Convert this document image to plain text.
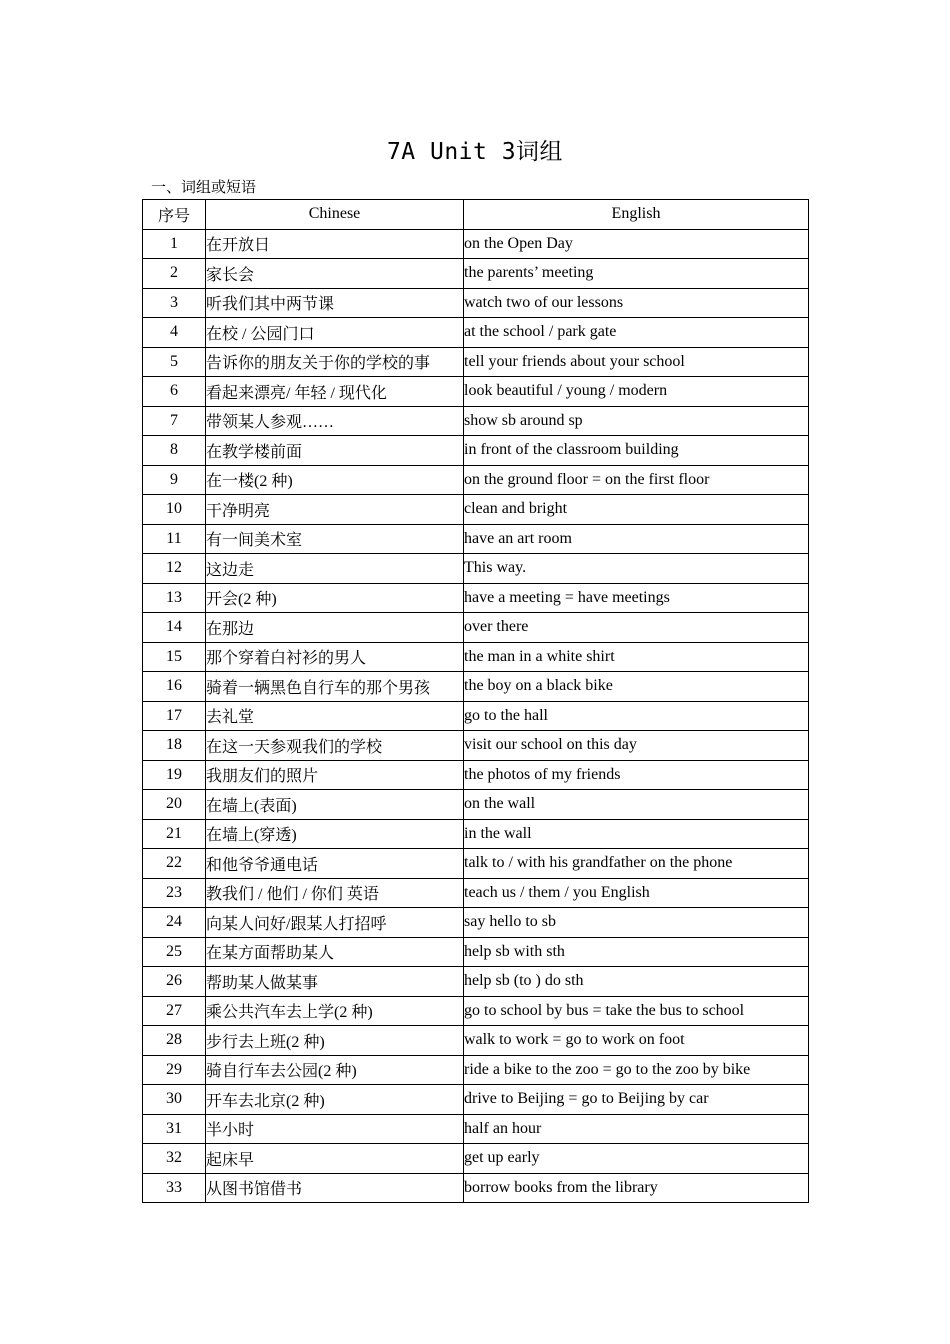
7A Unit 3词组
一、词组或短语
序号	Chinese	English
1	在开放日	on the Open Day
2	家长会	the parents’ meeting
3	听我们其中两节课	watch two of our lessons
4	在校 / 公园门口	at the school / park gate
5	告诉你的朋友关于你的学校的事	tell your friends about your school
6	看起来漂亮/ 年轻 / 现代化	look beautiful / young / modern
7	带领某人参观……	show sb around sp
8	在教学楼前面	in front of the classroom building
9	在一楼(2 种)	on the ground floor = on the first floor
10	干净明亮	clean and bright
11	有一间美术室	have an art room
12	这边走	This way.
13	开会(2 种)	have a meeting = have meetings
14	在那边	over there
15	那个穿着白衬衫的男人	the man in a white shirt
16	骑着一辆黑色自行车的那个男孩	the boy on a black bike
17	去礼堂	go to the hall
18	在这一天参观我们的学校	visit our school on this day
19	我朋友们的照片	the photos of my friends
20	在墙上(表面)	on the wall
21	在墙上(穿透)	in the wall
22	和他爷爷通电话	talk to / with his grandfather on the phone
23	教我们 / 他们 / 你们 英语	teach us / them / you English
24	向某人问好/跟某人打招呼	say hello to sb
25	在某方面帮助某人	help sb with sth
26	帮助某人做某事	help sb (to ) do sth
27	乘公共汽车去上学(2 种)	go to school by bus = take the bus to school
28	步行去上班(2 种)	walk to work = go to work on foot
29	骑自行车去公园(2 种)	ride a bike to the zoo = go to the zoo by bike
30	开车去北京(2 种)	drive to Beijing = go to Beijing by car
31	半小时	half an hour
32	起床早	get up early
33	从图书馆借书	borrow books from the library
